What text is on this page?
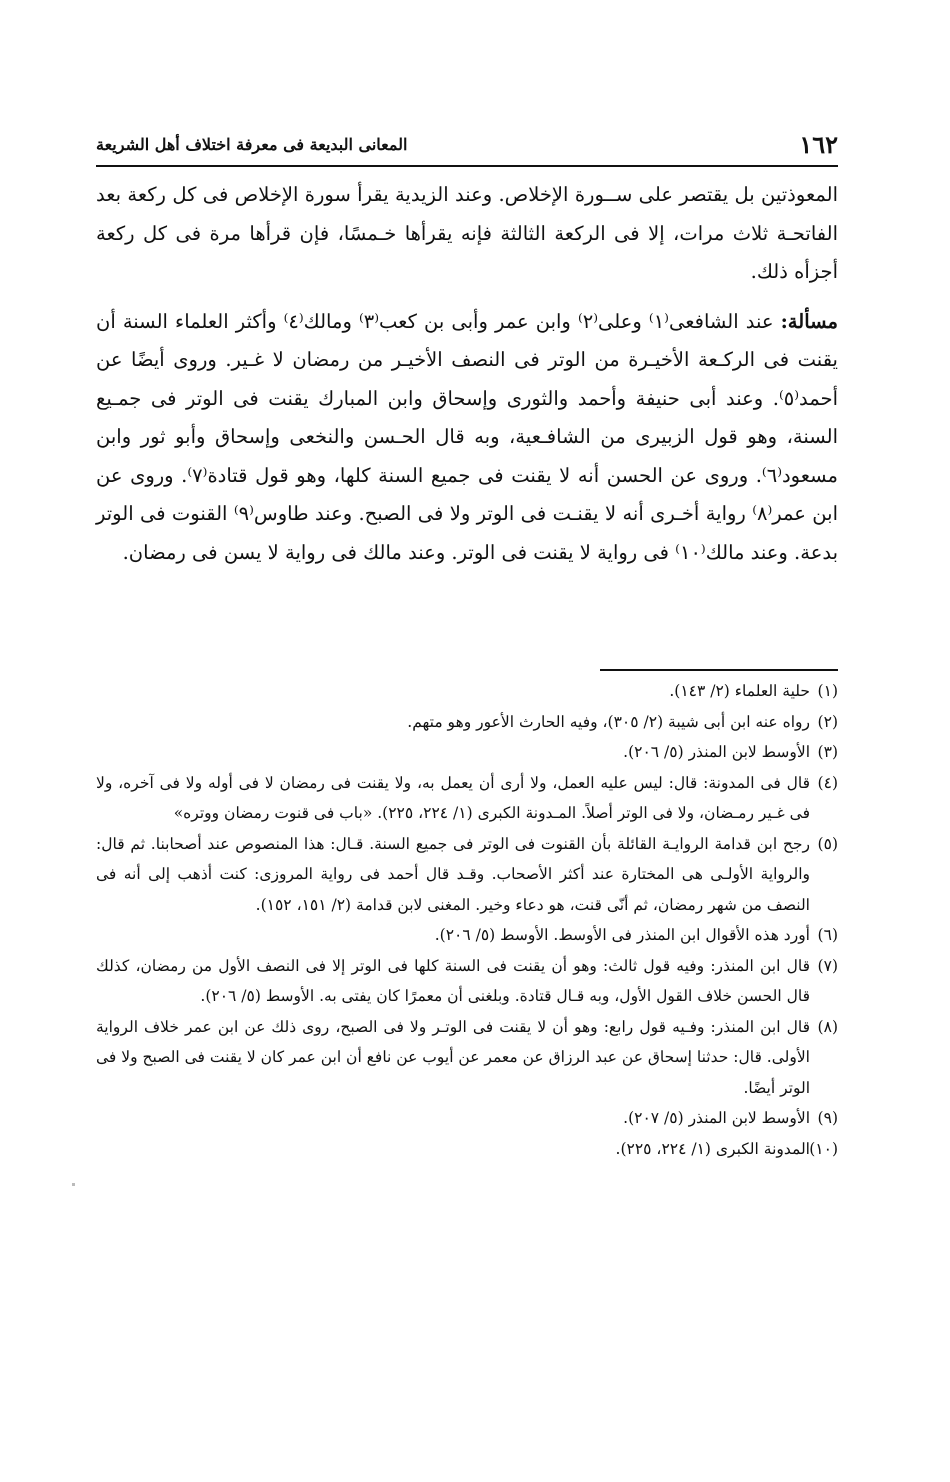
١٦٢
المعانى البديعة فى معرفة اختلاف أهل الشريعة

المعوذتين بل يقتصر على ســورة الإخلاص. وعند الزيدية يقرأ سورة الإخلاص فى كل ركعة بعد الفاتحـة ثلاث مرات، إلا فى الركعة الثالثة فإنه يقرأها خـمسًا، فإن قرأها مرة فى كل ركعة أجزأه ذلك.

مسألة: عند الشافعى⁽١⁾ وعلى⁽٢⁾ وابن عمر وأبى بن كعب⁽٣⁾ ومالك⁽٤⁾ وأكثر العلماء السنة أن يقنت فى الركـعة الأخيـرة من الوتر فى النصف الأخيـر من رمضان لا غـير. وروى أيضًا عن أحمد⁽٥⁾. وعند أبى حنيفة وأحمد والثورى وإسحاق وابن المبارك يقنت فى الوتر فى جمـيع السنة، وهو قول الزبيرى من الشافـعية، وبه قال الحـسن والنخعى وإسحاق وأبو ثور وابن مسعود⁽٦⁾. وروى عن الحسن أنه لا يقنت فى جميع السنة كلها، وهو قول قتادة⁽٧⁾. وروى عن ابن عمر⁽٨⁾ رواية أخـرى أنه لا يقنـت فى الوتر ولا فى الصبح. وعند طاوس⁽٩⁾ القنوت فى الوتر بدعة. وعند مالك⁽١٠⁾ فى رواية لا يقنت فى الوتر. وعند مالك فى رواية لا يسن فى رمضان.

(١)
حلية العلماء (٢/ ١٤٣).
(٢)
رواه عنه ابن أبى شيبة (٢/ ٣٠٥)، وفيه الحارث الأعور وهو متهم.
(٣)
الأوسط لابن المنذر (٥/ ٢٠٦).
(٤)
قال فى المدونة: قال: ليس عليه العمل، ولا أرى أن يعمل به، ولا يقنت فى رمضان لا فى أوله ولا فى آخره، ولا فى غـير رمـضان، ولا فى الوتر أصلاً. المـدونة الكبرى (١/ ٢٢٤، ٢٢٥). «باب فى قنوت رمضان ووتره»
(٥)
رجح ابن قدامة الروايـة القائلة بأن القنوت فى الوتر فى جميع السنة. قـال: هذا المنصوص عند أصحابنا. ثم قال: والرواية الأولـى هى المختارة عند أكثر الأصحاب. وقـد قال أحمد فى رواية المروزى: كنت أذهب إلى أنه فى النصف من شهر رمضان، ثم أنّى قنت، هو دعاء وخير. المغنى لابن قدامة (٢/ ١٥١، ١٥٢).
(٦)
أورد هذه الأقوال ابن المنذر فى الأوسط. الأوسط (٥/ ٢٠٦).
(٧)
قال ابن المنذر: وفيه قول ثالث: وهو أن يقنت فى السنة كلها فى الوتر إلا فى النصف الأول من رمضان، كذلك قال الحسن خلاف القول الأول، وبه قـال قتادة. وبلغنى أن معمرًا كان يفتى به. الأوسط (٥/ ٢٠٦).
(٨)
قال ابن المنذر: وفـيه قول رابع: وهو أن لا يقنت فى الوتـر ولا فى الصبح، روى ذلك عن ابن عمر خلاف الرواية الأولى. قال: حدثنا إسحاق عن عبد الرزاق عن معمر عن أيوب عن نافع أن ابن عمر كان لا يقنت فى الصبح ولا فى الوتر أيضًا.
(٩)
الأوسط لابن المنذر (٥/ ٢٠٧).
(١٠)
المدونة الكبرى (١/ ٢٢٤، ٢٢٥).
